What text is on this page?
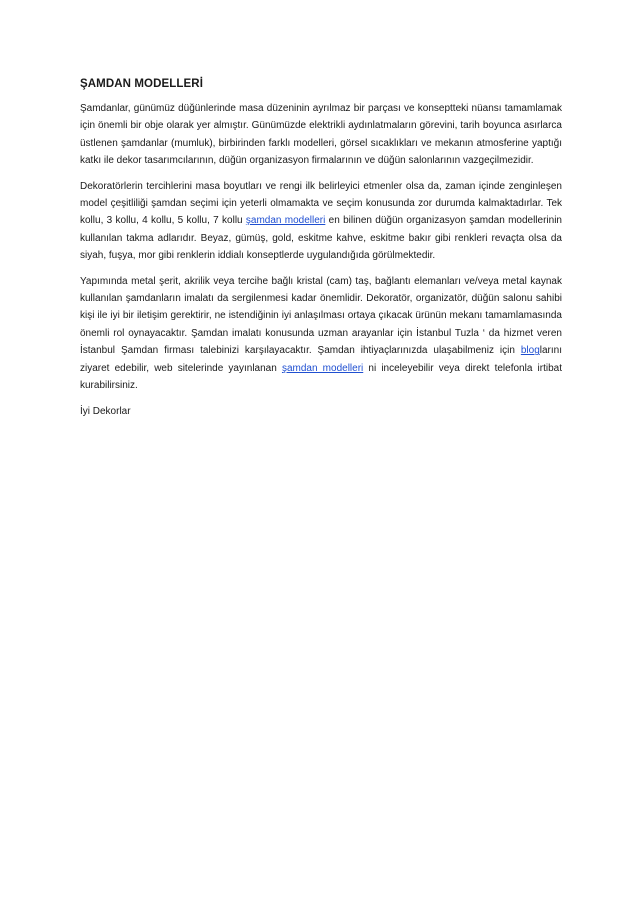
ŞAMDAN MODELLERİ

Şamdanlar, günümüz düğünlerinde masa düzeninin ayrılmaz bir parçası ve konseptteki nüansı tamamlamak için önemli bir obje olarak yer almıştır. Günümüzde elektrikli aydınlatmaların görevini, tarih boyunca asırlarca üstlenen şamdanlar (mumluk), birbirinden farklı modelleri, görsel sıcaklıkları ve mekanın atmosferine yaptığı katkı ile dekor tasarımcılarının, düğün organizasyon firmalarının ve düğün salonlarının vazgeçilmezidir.

Dekoratörlerin tercihlerini masa boyutları ve rengi ilk belirleyici etmenler olsa da, zaman içinde zenginleşen model çeşitliliği şamdan seçimi için yeterli olmamakta ve seçim konusunda zor durumda kalmaktadırlar. Tek kollu, 3 kollu, 4 kollu, 5 kollu, 7 kollu şamdan modelleri en bilinen düğün organizasyon şamdan modellerinin kullanılan takma adlarıdır. Beyaz, gümüş, gold, eskitme kahve, eskitme bakır gibi renkleri revaçta olsa da siyah, fuşya, mor gibi renklerin iddialı konseptlerde uygulandığıda görülmektedir.

Yapımında metal şerit, akrilik veya tercihe bağlı kristal (cam) taş, bağlantı elemanları ve/veya metal kaynak kullanılan şamdanların imalatı da sergilenmesi kadar önemlidir. Dekoratör, organizatör, düğün salonu sahibi kişi ile iyi bir iletişim gerektirir, ne istendiğinin iyi anlaşılması ortaya çıkacak ürünün mekanı tamamlamasında önemli rol oynayacaktır. Şamdan imalatı konusunda uzman arayanlar için İstanbul Tuzla ‘ da hizmet veren İstanbul Şamdan firması talebinizi karşılayacaktır. Şamdan ihtiyaçlarınızda ulaşabilmeniz için bloglarını ziyaret edebilir, web sitelerinde yayınlanan şamdan modelleri ni inceleyebilir veya direkt telefonla irtibat kurabilirsiniz.

İyi Dekorlar
